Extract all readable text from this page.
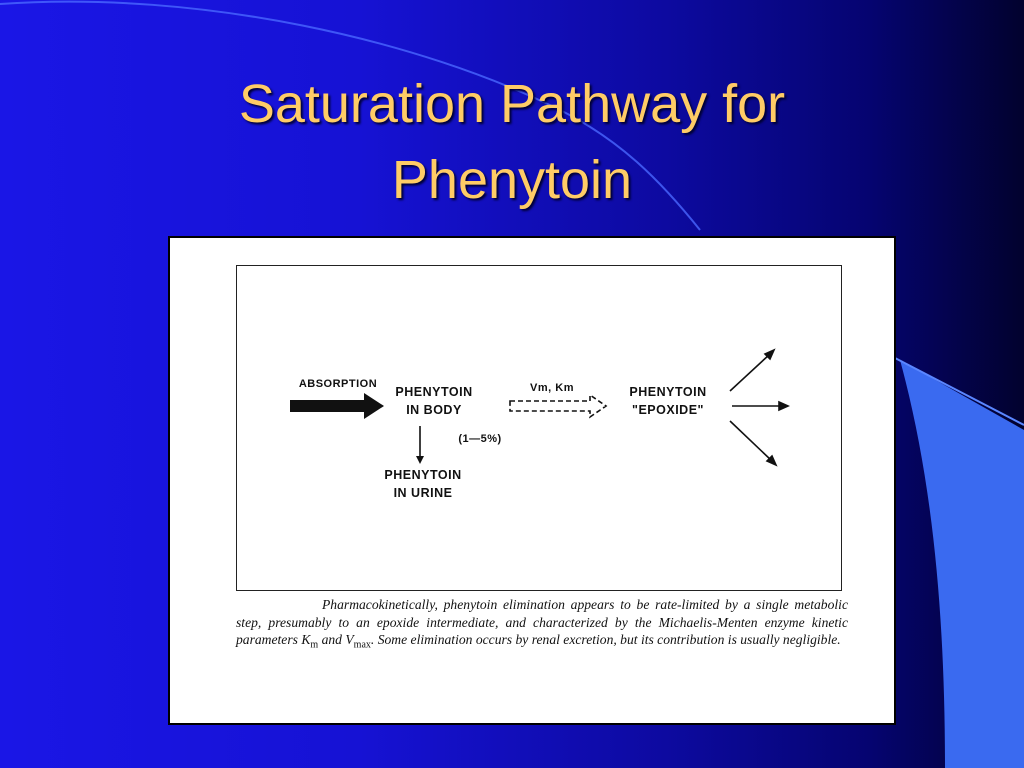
Saturation Pathway for
Phenytoin
ABSORPTION
PHENYTOIN
IN BODY
Vm, Km	PHENYTOIN
"EPOXIDE"
(1—5%)
PHENYTOIN
IN URINE

Pharmacokinetically, phenytoin elimination appears to be rate-limited by a single metabolic step, presumably to an epoxide intermediate, and characterized by the Michaelis-Menten enzyme kinetic parameters $K_m$ and $V_{max}$. Some elimination occurs by renal excretion, but its contribution is usually negligible.
